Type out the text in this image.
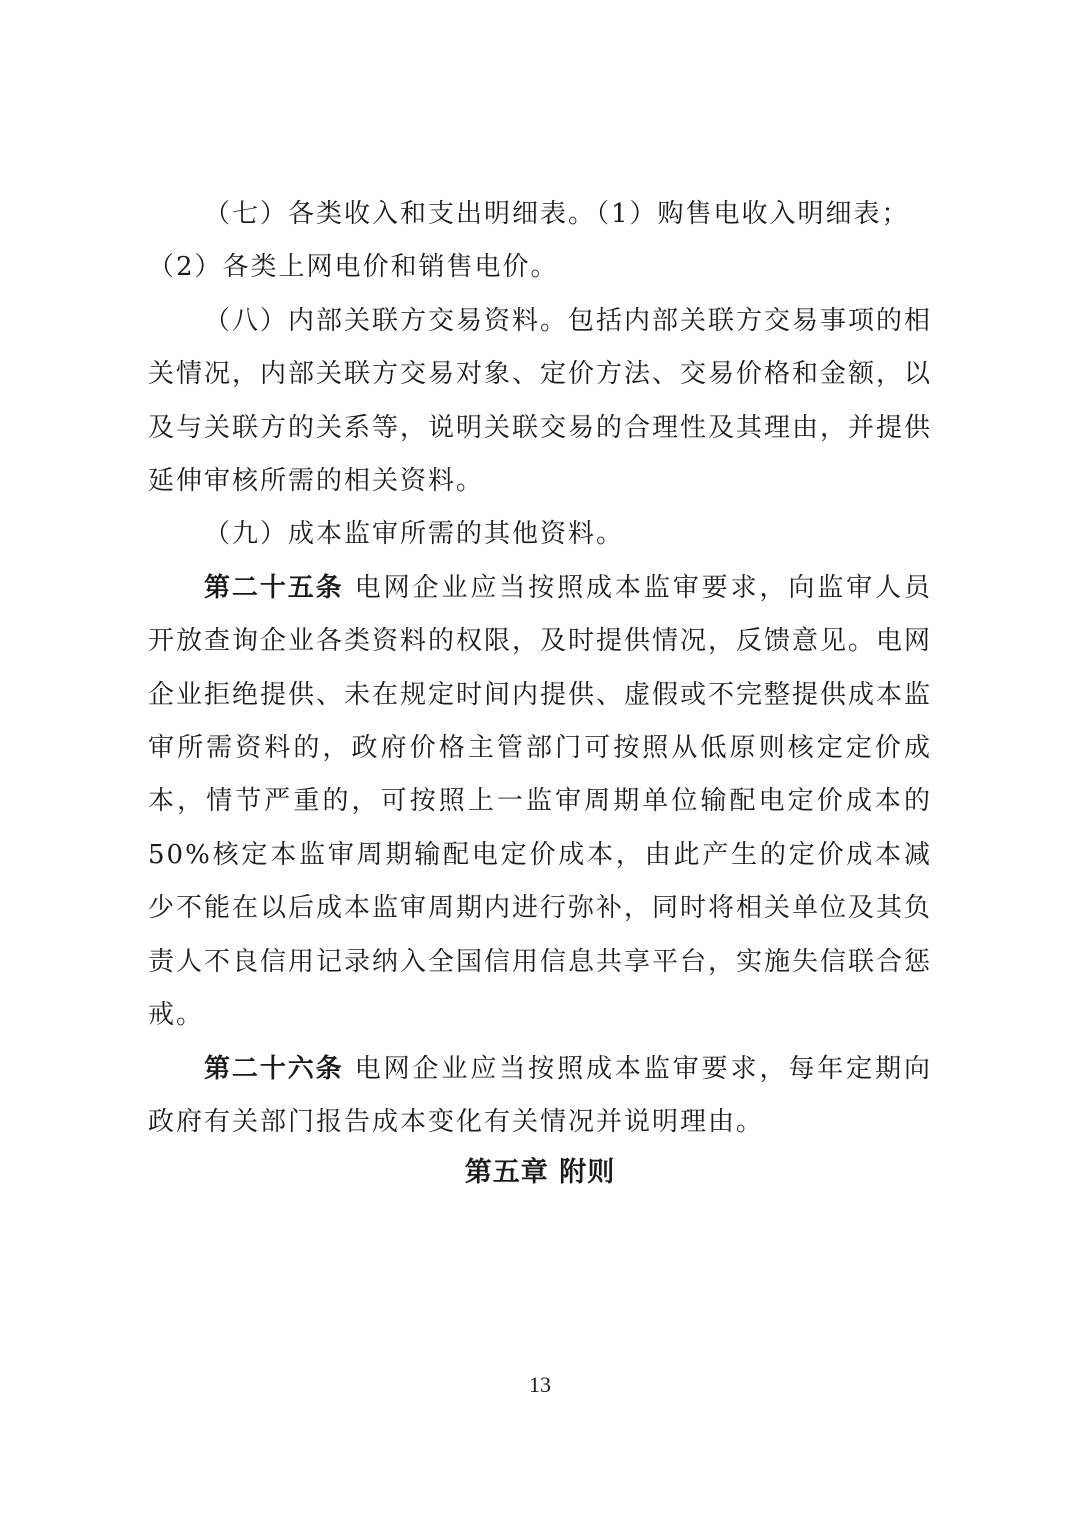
（七）各类收入和支出明细表。（1）购售电收入明细表；

（2）各类上网电价和销售电价。

（八）内部关联方交易资料。包括内部关联方交易事项的相关情况，内部关联方交易对象、定价方法、交易价格和金额，以及与关联方的关系等，说明关联交易的合理性及其理由，并提供延伸审核所需的相关资料。

（九）成本监审所需的其他资料。

第二十五条 电网企业应当按照成本监审要求，向监审人员开放查询企业各类资料的权限，及时提供情况，反馈意见。电网企业拒绝提供、未在规定时间内提供、虚假或不完整提供成本监审所需资料的，政府价格主管部门可按照从低原则核定定价成本，情节严重的，可按照上一监审周期单位输配电定价成本的50%核定本监审周期输配电定价成本，由此产生的定价成本减少不能在以后成本监审周期内进行弥补，同时将相关单位及其负责人不良信用记录纳入全国信用信息共享平台，实施失信联合惩戒。

第二十六条 电网企业应当按照成本监审要求，每年定期向政府有关部门报告成本变化有关情况并说明理由。

第五章 附则

13
